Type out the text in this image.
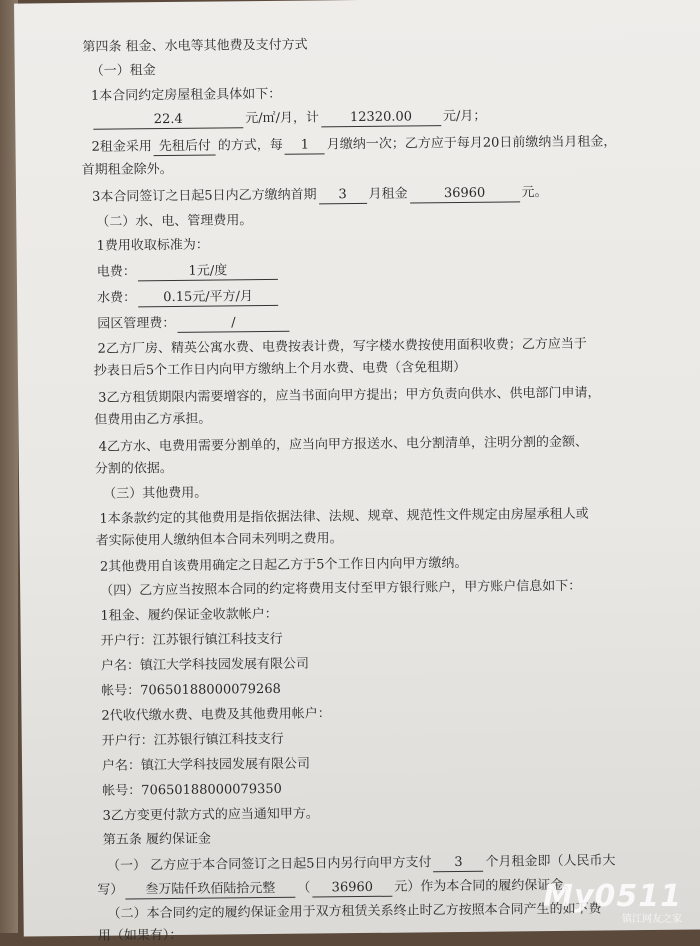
第四条 租金、水电等其他费及支付方式
（一）租金
1本合同约定房屋租金具体如下：
22.4	元/㎡/月，计 12320.00 元/月；
2租金采用 先租后付 的方式，每 1 月缴纳一次；乙方应于每月20日前缴纳当月租金，
首期租金除外。
3本合同签订之日起5日内乙方缴纳首期 3 月租金	36960	元。
（二）水、电、管理费用。
1费用收取标准为：
电费：	1元/度
水费： 0.15元/平方/月
园区管理费：	/
2乙方厂房、精英公寓水费、电费按表计费，写字楼水费按使用面积收费；乙方应当于
抄表日后5个工作日内向甲方缴纳上个月水费、电费（含免租期）
3乙方租赁期限内需要增容的，应当书面向甲方提出；甲方负责向供水、供电部门申请，
但费用由乙方承担。
4乙方水、电费用需要分割单的，应当向甲方报送水、电分割清单，注明分割的金额、
分割的依据。
（三）其他费用。
1本条款约定的其他费用是指依据法律、法规、规章、规范性文件规定由房屋承租人或
者实际使用人缴纳但本合同未列明之费用。
2其他费用自该费用确定之日起乙方于5个工作日内向甲方缴纳。
（四）乙方应当按照本合同的约定将费用支付至甲方银行账户，甲方账户信息如下：
1租金、履约保证金收款帐户：
开户行：江苏银行镇江科技支行
户名：镇江大学科技园发展有限公司
帐号：70650188000079268
2代收代缴水费、电费及其他费用帐户：
开户行：江苏银行镇江科技支行
户名：镇江大学科技园发展有限公司
帐号：70650188000079350
3乙方变更付款方式的应当通知甲方。
第五条 履约保证金
（一） 乙方应于本合同签订之日起5日内另行向甲方支付 3 个月租金即（人民币大
写） 叁万陆仟玖佰陆拾元整 （ 36960 元）作为本合同的履约保证金。
（二）本合同约定的履约保证金用于双方租赁关系终止时乙方按照本合同产生的如下费
用（如果有）：
My0511
镇江网友之家
